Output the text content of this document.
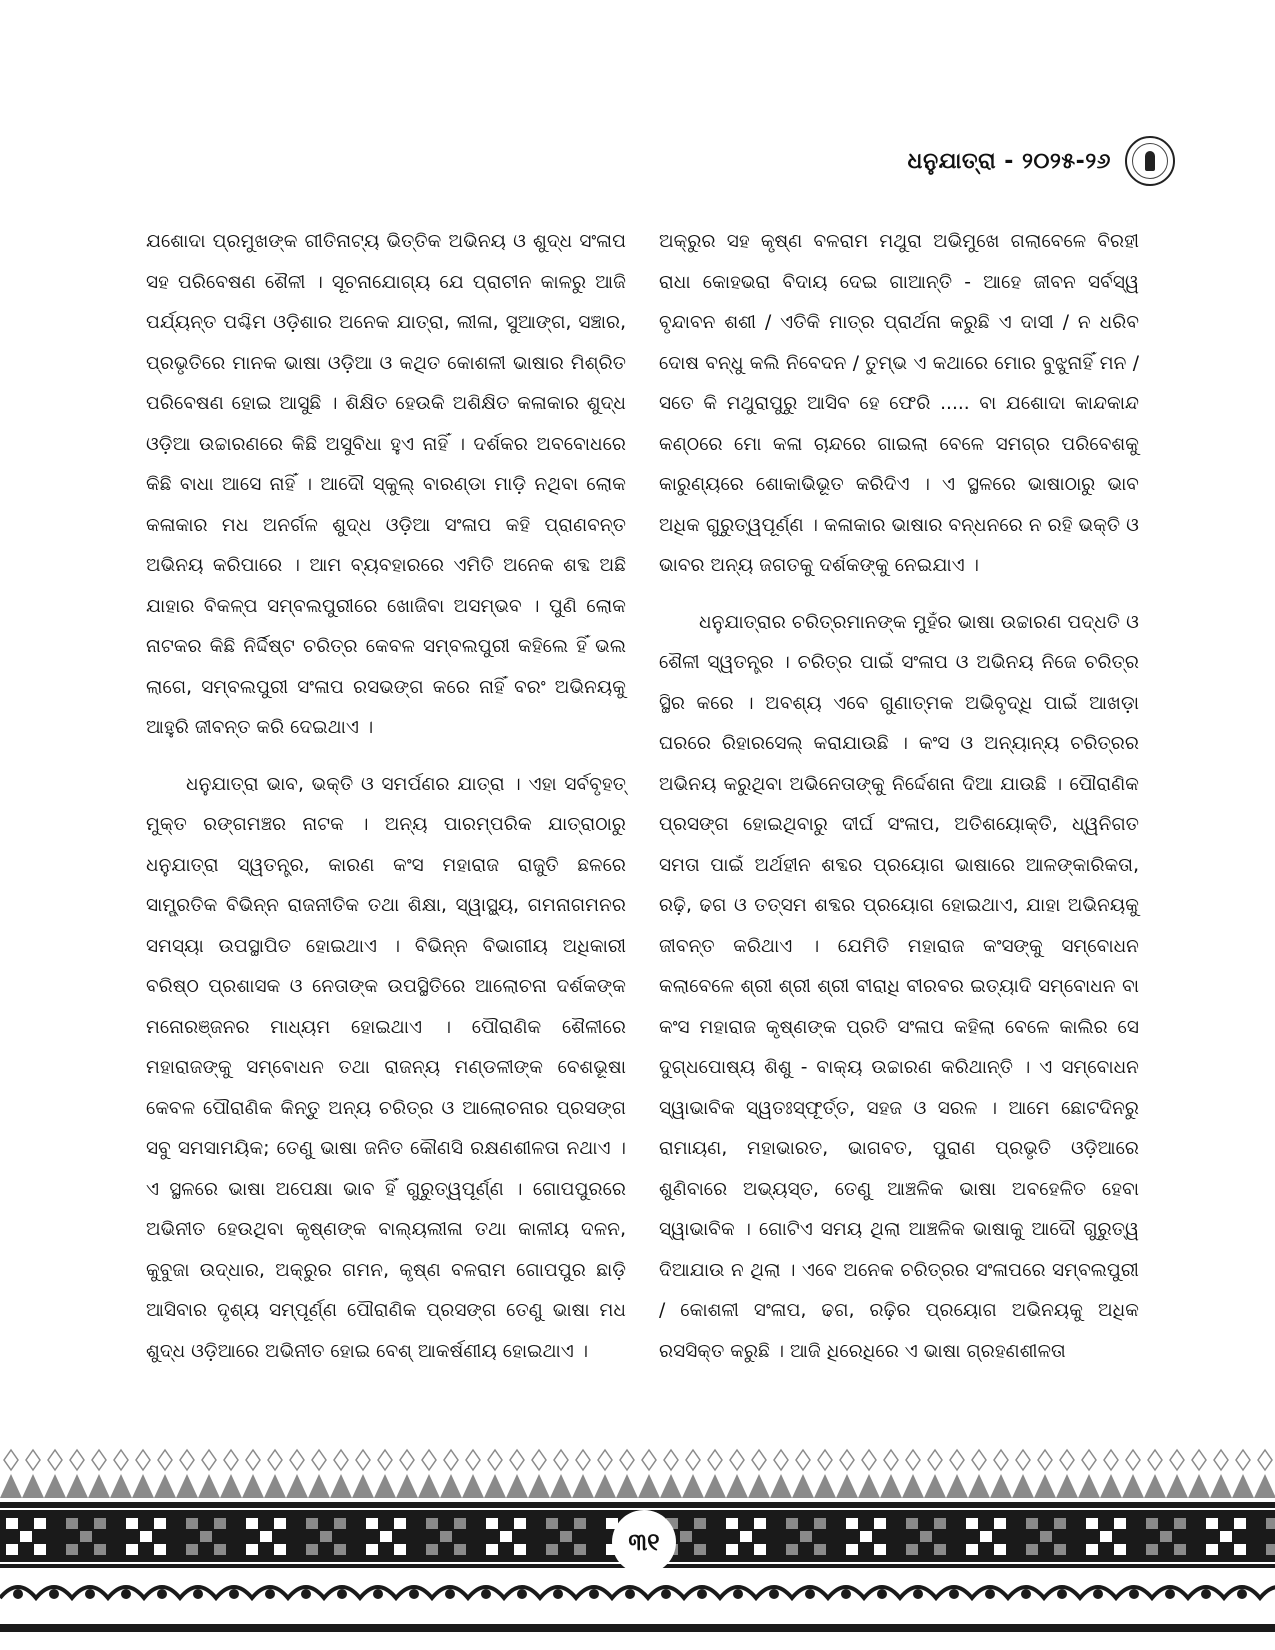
ଧନୁଯାତ୍ରା - ୨୦୨୫-୨୬

ଯଶୋଦା ପ୍ରମୁଖଙ୍କ ଗୀତିନାଟ୍ୟ ଭିତ୍ତିକ ଅଭିନୟ ଓ ଶୁଦ୍ଧ ସଂଳାପ ସହ ପରିବେଷଣ ଶୈଳୀ । ସୂଚନାଯୋଗ୍ୟ ଯେ ପ୍ରାଚୀନ କାଳରୁ ଆଜି ପର୍ଯ୍ୟନ୍ତ ପଶ୍ଚିମ ଓଡ଼ିଶାର ଅନେକ ଯାତ୍ରା, ଲୀଳା, ସୁଆଙ୍ଗ, ସଞ୍ଚାର, ପ୍ରଭୃତିରେ ମାନକ ଭାଷା ଓଡ଼ିଆ ଓ କଥିତ କୋଶଳୀ ଭାଷାର ମିଶ୍ରିତ ପରିବେଷଣ ହୋଇ ଆସୁଛି । ଶିକ୍ଷିତ ହେଉକି ଅଶିକ୍ଷିତ କଳାକାର ଶୁଦ୍ଧ ଓଡ଼ିଆ ଉଚ୍ଚାରଣରେ କିଛି ଅସୁବିଧା ହୁଏ ନାହିଁ । ଦର୍ଶକର ଅବବୋଧରେ କିଛି ବାଧା ଆସେ ନାହିଁ । ଆଦୌ ସ୍କୁଲ୍ ବାରଣ୍ଡା ମାଡ଼ି ନଥିବା ଲୋକ କଳାକାର ମଧ ଅନର୍ଗଳ ଶୁଦ୍ଧ ଓଡ଼ିଆ ସଂଳାପ କହି ପ୍ରାଣବନ୍ତ ଅଭିନୟ କରିପାରେ । ଆମ ବ୍ୟବହାରରେ ଏମିତି ଅନେକ ଶବ୍ଦ ଅଛି ଯାହାର ବିକଳ୍ପ ସମ୍ବଲପୁରୀରେ ଖୋଜିବା ଅସମ୍ଭବ । ପୁଣି ଲୋକ ନାଟକର କିଛି ନିର୍ଦ୍ଦିଷ୍ଟ ଚରିତ୍ର କେବଳ ସମ୍ବଲପୁରୀ କହିଲେ ହିଁ ଭଲ ଲାଗେ, ସମ୍ବଲପୁରୀ ସଂଳାପ ରସଭଙ୍ଗ କରେ ନାହିଁ ବରଂ ଅଭିନୟକୁ ଆହୁରି ଜୀବନ୍ତ କରି ଦେଇଥାଏ ।

ଧନୁଯାତ୍ରା ଭାବ, ଭକ୍ତି ଓ ସମର୍ପଣର ଯାତ୍ରା । ଏହା ସର୍ବବୃହତ୍ ମୁକ୍ତ ରଙ୍ଗମଞ୍ଚର ନାଟକ । ଅନ୍ୟ ପାରମ୍ପରିକ ଯାତ୍ରାଠାରୁ ଧନୁଯାତ୍ରା ସ୍ୱତନ୍ତ୍ର, କାରଣ କଂସ ମହାରାଜ ରାଜୁତି ଛଳରେ ସାମ୍ପ୍ରତିକ ବିଭିନ୍ନ ରାଜନୀତିକ ତଥା ଶିକ୍ଷା, ସ୍ୱାସ୍ଥ୍ୟ, ଗମନାଗମନର ସମସ୍ୟା ଉପସ୍ଥାପିତ ହୋଇଥାଏ । ବିଭିନ୍ନ ବିଭାଗୀୟ ଅଧିକାରୀ ବରିଷ୍ଠ ପ୍ରଶାସକ ଓ ନେତାଙ୍କ ଉପସ୍ଥିତିରେ ଆଲୋଚନା ଦର୍ଶକଙ୍କ ମନୋରଞ୍ଜନର ମାଧ୍ୟମ ହୋଇଥାଏ । ପୌରାଣିକ ଶୈଳୀରେ ମହାରାଜଙ୍କୁ ସମ୍ବୋଧନ ତଥା ରାଜନ୍ୟ ମଣ୍ଡଳୀଙ୍କ ବେଶଭୂଷା କେବଳ ପୌରାଣିକ କିନ୍ତୁ ଅନ୍ୟ ଚରିତ୍ର ଓ ଆଲୋଚନାର ପ୍ରସଙ୍ଗ ସବୁ ସମସାମୟିକ; ତେଣୁ ଭାଷା ଜନିତ କୌଣସି ରକ୍ଷଣଶୀଳତା ନଥାଏ । ଏ ସ୍ଥଳରେ ଭାଷା ଅପେକ୍ଷା ଭାବ ହିଁ ଗୁରୁତ୍ୱପୂର୍ଣ୍ଣ । ଗୋପପୁରରେ ଅଭିନୀତ ହେଉଥିବା କୃଷ୍ଣଙ୍କ ବାଲ୍ୟଲୀଳା ତଥା କାଳୀୟ ଦଳନ, କୁବୁଜା ଉଦ୍ଧାର, ଅକ୍ରୁର ଗମନ, କୃଷ୍ଣ ବଳରାମ ଗୋପପୁର ଛାଡ଼ି ଆସିବାର ଦୃଶ୍ୟ ସମ୍ପୂର୍ଣ୍ଣ ପୌରାଣିକ ପ୍ରସଙ୍ଗ ତେଣୁ ଭାଷା ମଧ ଶୁଦ୍ଧ ଓଡ଼ିଆରେ ଅଭିନୀତ ହୋଇ ବେଶ୍ ଆକର୍ଷଣୀୟ ହୋଇଥାଏ ।

ଅକ୍ରୁର ସହ କୃଷ୍ଣ ବଳରାମ ମଥୁରା ଅଭିମୁଖେ ଗଲାବେଳେ ବିରହୀ ରାଧା କୋହଭରା ବିଦାୟ ଦେଇ ଗାଆନ୍ତି - ଆହେ ଜୀବନ ସର୍ବସ୍ୱ ବୃନ୍ଦାବନ ଶଶୀ / ଏତିକି ମାତ୍ର ପ୍ରାର୍ଥନା କରୁଛି ଏ ଦାସୀ / ନ ଧରିବ ଦୋଷ ବନ୍ଧୁ କଲି ନିବେଦନ / ତୁମ୍ଭ ଏ କଥାରେ ମୋର ବୁଝୁନାହିଁ ମନ / ସତେ କି ମଥୁରାପୁରୁ ଆସିବ ହେ ଫେରି ..... ବା ଯଶୋଦା କାନ୍ଦକାନ୍ଦ କଣ୍ଠରେ ମୋ କଳା ଚାନ୍ଦରେ ଗାଇଲା ବେଳେ ସମଗ୍ର ପରିବେଶକୁ କାରୁଣ୍ୟରେ ଶୋକାଭିଭୂତ କରିଦିଏ । ଏ ସ୍ଥଳରେ ଭାଷାଠାରୁ ଭାବ ଅଧିକ ଗୁରୁତ୍ୱପୂର୍ଣ୍ଣ । କଳାକାର ଭାଷାର ବନ୍ଧନରେ ନ ରହି ଭକ୍ତି ଓ ଭାବର ଅନ୍ୟ ଜଗତକୁ ଦର୍ଶକଙ୍କୁ ନେଇଯାଏ ।

ଧନୁଯାତ୍ରାର ଚରିତ୍ରମାନଙ୍କ ମୁହଁର ଭାଷା ଉଚ୍ଚାରଣ ପଦ୍ଧତି ଓ ଶୈଳୀ ସ୍ୱତନ୍ତ୍ର । ଚରିତ୍ର ପାଇଁ ସଂଳାପ ଓ ଅଭିନୟ ନିଜେ ଚରିତ୍ର ସ୍ଥିର କରେ । ଅବଶ୍ୟ ଏବେ ଗୁଣାତ୍ମକ ଅଭିବୃଦ୍ଧି ପାଇଁ ଆଖଡ଼ା ଘରରେ ରିହାରସେଲ୍ କରାଯାଉଛି । କଂସ ଓ ଅନ୍ୟାନ୍ୟ ଚରିତ୍ରର ଅଭିନୟ କରୁଥିବା ଅଭିନେତାଙ୍କୁ ନିର୍ଦ୍ଦେଶନା ଦିଆ ଯାଉଛି । ପୌରାଣିକ ପ୍ରସଙ୍ଗ ହୋଇଥିବାରୁ ଦୀର୍ଘ ସଂଳାପ, ଅତିଶୟୋକ୍ତି, ଧ୍ୱନିଗତ ସମତା ପାଇଁ ଅର୍ଥହୀନ ଶବ୍ଦର ପ୍ରୟୋଗ ଭାଷାରେ ଆଳଙ୍କାରିକତା, ରଢ଼ି, ଢଗ ଓ ତତ୍ସମ ଶବ୍ଦର ପ୍ରୟୋଗ ହୋଇଥାଏ, ଯାହା ଅଭିନୟକୁ ଜୀବନ୍ତ କରିଥାଏ । ଯେମିତି ମହାରାଜ କଂସଙ୍କୁ ସମ୍ବୋଧନ କଲାବେଳେ ଶ୍ରୀ ଶ୍ରୀ ଶ୍ରୀ ବୀରାଧି ବୀରବର ଇତ୍ୟାଦି ସମ୍ବୋଧନ ବା କଂସ ମହାରାଜ କୃଷ୍ଣଙ୍କ ପ୍ରତି ସଂଳାପ କହିଲା ବେଳେ କାଲିର ସେ ଦୁଗ୍ଧପୋଷ୍ୟ ଶିଶୁ - ବାକ୍ୟ ଉଚ୍ଚାରଣ କରିଥାନ୍ତି । ଏ ସମ୍ବୋଧନ ସ୍ୱାଭାବିକ ସ୍ୱତଃସ୍ଫୂର୍ତ୍ତ, ସହଜ ଓ ସରଳ । ଆମେ ଛୋଟଦିନରୁ ରାମାୟଣ, ମହାଭାରତ, ଭାଗବତ, ପୁରାଣ ପ୍ରଭୃତି ଓଡ଼ିଆରେ ଶୁଣିବାରେ ଅଭ୍ୟସ୍ତ, ତେଣୁ ଆଞ୍ଚଳିକ ଭାଷା ଅବହେଳିତ ହେବା ସ୍ୱାଭାବିକ । ଗୋଟିଏ ସମୟ ଥିଲା ଆଞ୍ଚଳିକ ଭାଷାକୁ ଆଦୌ ଗୁରୁତ୍ୱ ଦିଆଯାଉ ନ ଥିଲା । ଏବେ ଅନେକ ଚରିତ୍ରର ସଂଳାପରେ ସମ୍ବଲପୁରୀ / କୋଶଳୀ ସଂଳାପ, ଢଗ, ରଢ଼ିର ପ୍ରୟୋଗ ଅଭିନୟକୁ ଅଧିକ ରସସିକ୍ତ କରୁଛି । ଆଜି ଧିରେଧିରେ ଏ ଭାଷା ଗ୍ରହଣଶୀଳତା

୩୧
